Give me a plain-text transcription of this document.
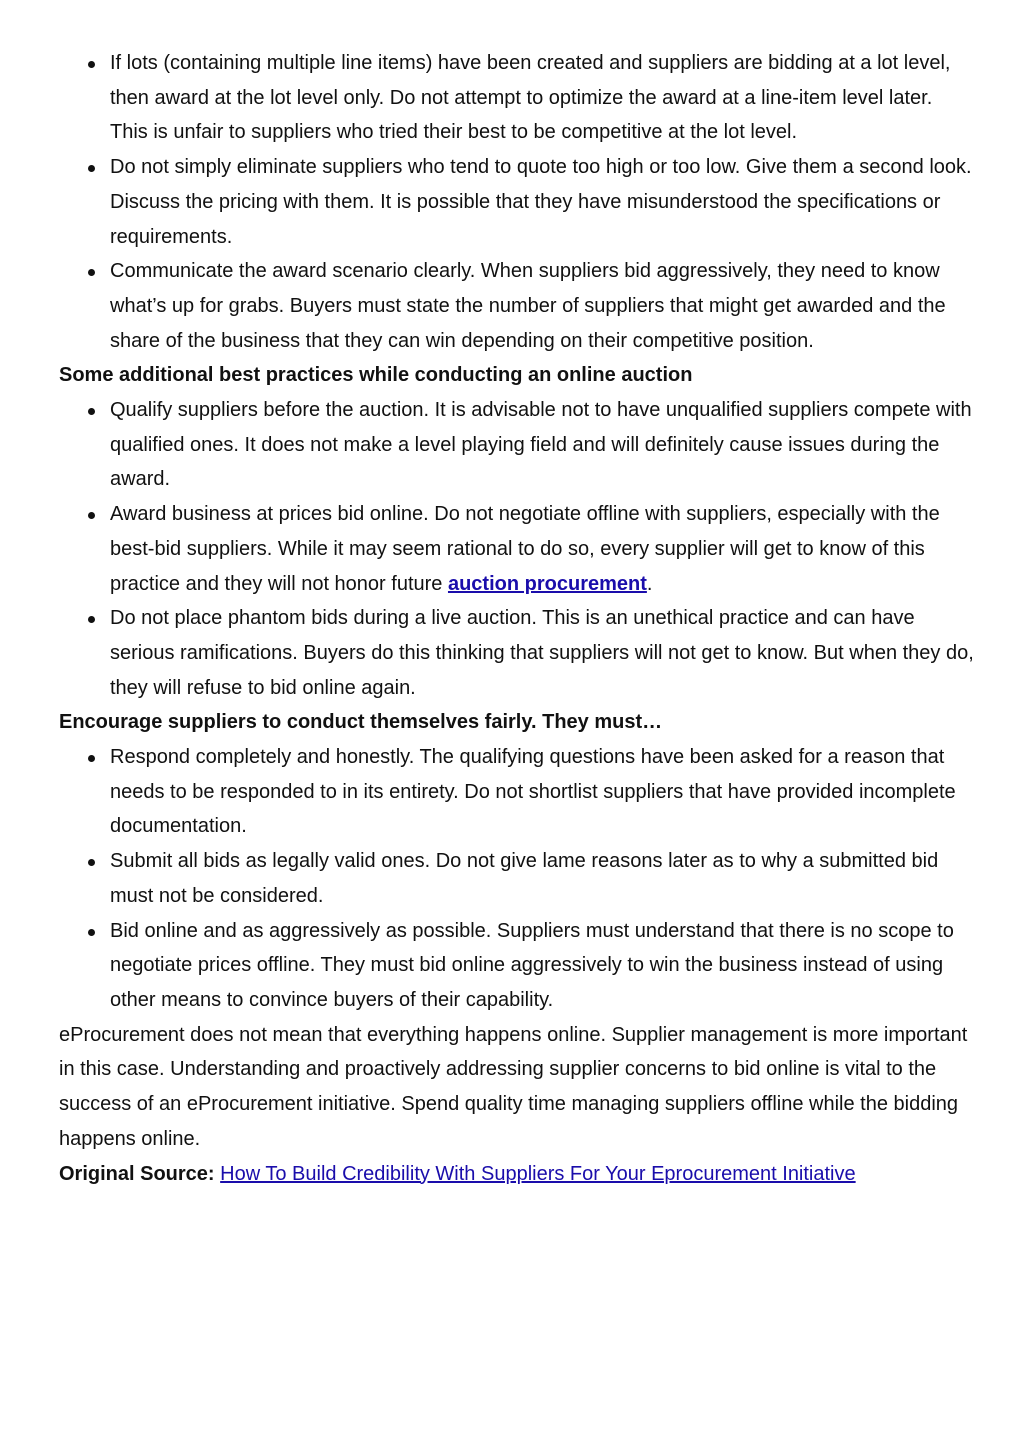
If lots (containing multiple line items) have been created and suppliers are bidding at a lot level, then award at the lot level only. Do not attempt to optimize the award at a line-item level later. This is unfair to suppliers who tried their best to be competitive at the lot level.
Do not simply eliminate suppliers who tend to quote too high or too low. Give them a second look. Discuss the pricing with them. It is possible that they have misunderstood the specifications or requirements.
Communicate the award scenario clearly. When suppliers bid aggressively, they need to know what’s up for grabs. Buyers must state the number of suppliers that might get awarded and the share of the business that they can win depending on their competitive position.
Some additional best practices while conducting an online auction
Qualify suppliers before the auction. It is advisable not to have unqualified suppliers compete with qualified ones. It does not make a level playing field and will definitely cause issues during the award.
Award business at prices bid online. Do not negotiate offline with suppliers, especially with the best-bid suppliers. While it may seem rational to do so, every supplier will get to know of this practice and they will not honor future auction procurement.
Do not place phantom bids during a live auction. This is an unethical practice and can have serious ramifications. Buyers do this thinking that suppliers will not get to know. But when they do, they will refuse to bid online again.
Encourage suppliers to conduct themselves fairly. They must…
Respond completely and honestly. The qualifying questions have been asked for a reason that needs to be responded to in its entirety. Do not shortlist suppliers that have provided incomplete documentation.
Submit all bids as legally valid ones. Do not give lame reasons later as to why a submitted bid must not be considered.
Bid online and as aggressively as possible. Suppliers must understand that there is no scope to negotiate prices offline. They must bid online aggressively to win the business instead of using other means to convince buyers of their capability.

eProcurement does not mean that everything happens online. Supplier management is more important in this case. Understanding and proactively addressing supplier concerns to bid online is vital to the success of an eProcurement initiative. Spend quality time managing suppliers offline while the bidding happens online.

Original Source: How To Build Credibility With Suppliers For Your Eprocurement Initiative
